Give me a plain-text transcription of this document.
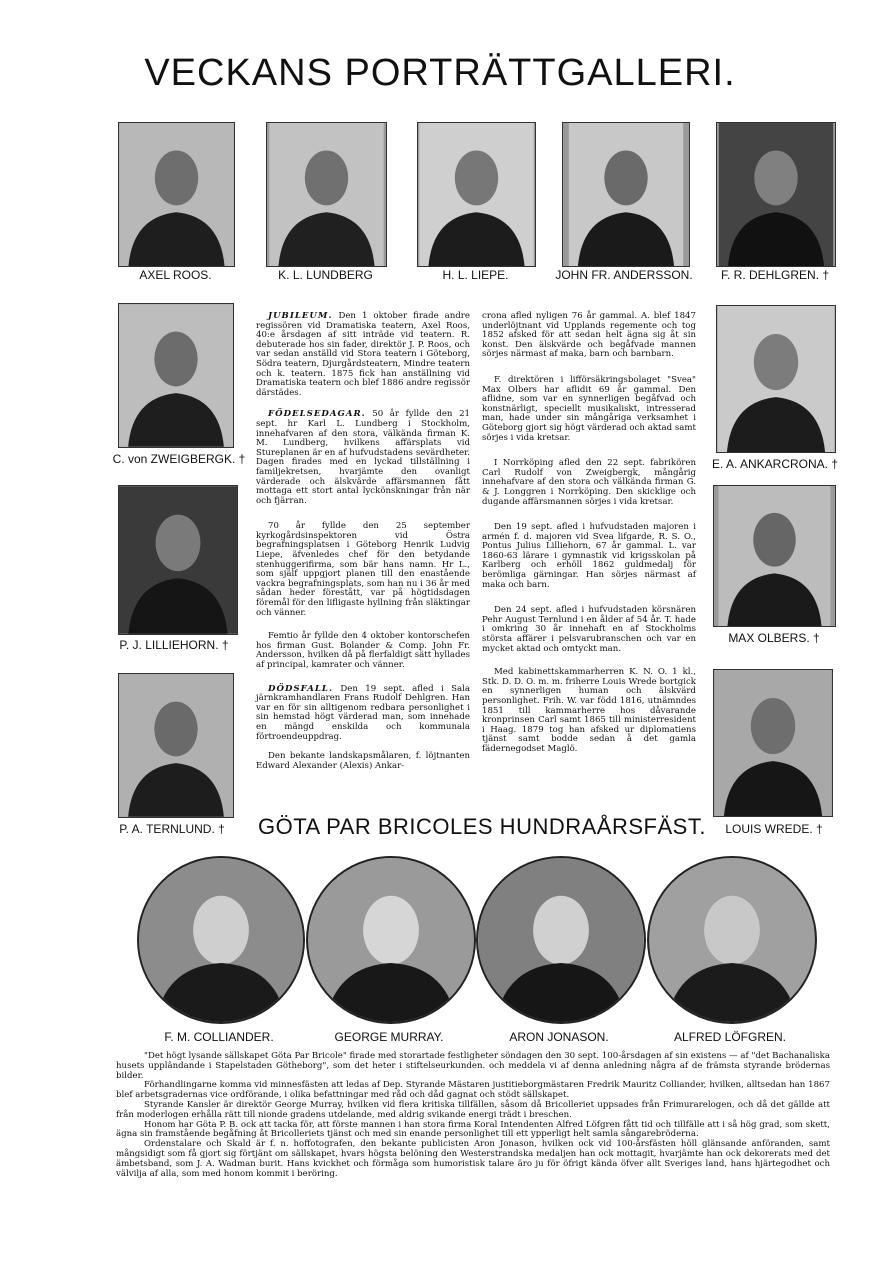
VECKANS PORTRÄTTGALLERI.
AXEL ROOS.	K. L. LUNDBERG	H. L. LIEPE.	JOHN FR. ANDERSSON.	F. R. DEHLGREN. †
C. von ZWEIGBERGK. †
P. J. LILLIEHORN. †
P. A. TERNLUND. †
E. A. ANKARCRONA. †
MAX OLBERS. †
LOUIS WREDE. †

JUBILEUM. Den 1 oktober firade andre regissören vid Dramatiska teatern, Axel Roos, 40:e årsdagen af sitt inträde vid teatern. R. debuterade hos sin fader, direktör J. P. Roos, och var sedan anställd vid Stora teatern i Göteborg, Södra teatern, Djurgårdsteatern, Mindre teatern och k. teatern. 1875 fick han anställning vid Dramatiska teatern och blef 1886 andre regissör därstädes.

FÖDELSEDAGAR. 50 år fyllde den 21 sept. hr Karl L. Lundberg i Stockholm, innehafvaren af den stora, välkända firman K. M. Lundberg, hvilkens affärsplats vid Stureplanen är en af hufvudstadens sevärdheter. Dagen firades med en lyckad tillställning i familjekretsen, hvarjämte den ovanligt värderade och älskvärde affärsmannen fått mottaga ett stort antal lyckönskningar från när och fjärran.

70 år fyllde den 25 september kyrkogårdsinspektoren vid Östra begrafningsplatsen i Göteborg Henrik Ludvig Liepe, äfvenledes chef för den betydande stenhuggerifirma, som bär hans namn. Hr L., som själf uppgjort planen till den enastående vackra begrafningsplats, som han nu i 36 år med sådan heder förestått, var på högtidsdagen föremål för den lifligaste hyllning från släktingar och vänner.

Femtio år fyllde den 4 oktober kontorschefen hos firman Gust. Bolander & Comp. John Fr. Andersson, hvilken då på flerfaldigt sätt hyllades af principal, kamrater och vänner.

DÖDSFALL. Den 19 sept. afled i Sala järnkramhandlaren Frans Rudolf Dehlgren. Han var en för sin alltigenom redbara personlighet i sin hemstad högt värderad man, som innehade en mängd enskilda och kommunala förtroendeuppdrag.

Den bekante landskapsmålaren, f. löjtnanten Edward Alexander (Alexis) Ankar-

crona afled nyligen 76 år gammal. A. blef 1847 underlöjtnant vid Upplands regemente och tog 1852 afsked för att sedan helt ägna sig åt sin konst. Den älskvärde och begåfvade mannen sörjes närmast af maka, barn och barnbarn.

F. direktören i lifförsäkringsbolaget "Svea" Max Olbers har aflidit 69 år gammal. Den aflidne, som var en synnerligen begåfvad och konstnärligt, speciellt musikaliskt, intresserad man, hade under sin mångåriga verksamhet i Göteborg gjort sig högt värderad och aktad samt sörjes i vida kretsar.

I Norrköping afled den 22 sept. fabrikören Carl Rudolf von Zweigbergk, mångårig innehafvare af den stora och välkända firman G. & J. Longgren i Norrköping. Den skicklige och dugande affärsmannen sörjes i vida kretsar.

Den 19 sept. afled i hufvudstaden majoren i armén f. d. majoren vid Svea lifgarde, R. S. O., Pontus Julius Lilliehorn, 67 år gammal. L. var 1860-63 lärare i gymnastik vid krigsskolan på Karlberg och erhöll 1862 guldmedalj för berömliga gärningar. Han sörjes närmast af maka och barn.

Den 24 sept. afled i hufvudstaden körsnären Pehr August Ternlund i en ålder af 54 år. T. hade i omkring 30 år innehaft en af Stockholms största affärer i pelsvarubranschen och var en mycket aktad och omtyckt man.

Med kabinettskammarherren K. N. O. 1 kl., Stk. D. D. O. m. m. friherre Louis Wrede bortgick en synnerligen human och älskvärd personlighet. Frih. W. var född 1816, utnämndes 1851 till kammarherre hos dåvarande kronprinsen Carl samt 1865 till ministerresident i Haag. 1879 tog han afsked ur diplomatiens tjänst samt bodde sedan å det gamla fädernegodset Maglö.

GÖTA PAR BRICOLES HUNDRAÅRSFÄST.
F. M. COLLIANDER.	GEORGE MURRAY.	ARON JONASON.	ALFRED LÖFGREN.

"Det högt lysande sällskapet Göta Par Bricole" firade med storartade festligheter söndagen den 30 sept. 100-årsdagen af sin existens — af "det Bachanaliska husets upplândande i Stapelstaden Götheborg", som det heter i stiftelseurkunden. och meddela vi af denna anledning några af de främsta styrande brödernas bilder.

Förhandlingarne komma vid minnesfästen att ledas af Dep. Styrande Mästaren justitieborgmästaren Fredrik Mauritz Colliander, hvilken, alltsedan han 1867 blef arbetsgradernas vice ordförande, i olika befattningar med råd och dåd gagnat och stödt sällskapet.

Styrande Kansler är direktör George Murray, hvilken vid flera kritiska tillfällen, såsom då Bricolleriet uppsades från Frimurarelogen, och då det gällde att från moderlogen erhålla rätt till nionde gradens utdelande, med aldrig svikande energi trädt i breschen.

Honom har Göta P. B. ock att tacka för, att förste mannen i han stora firma Koral Intendenten Alfred Löfgren fått tid och tillfälle att i så hög grad, som skett, ägna sin framstående begåfning åt Bricolleriets tjänst och med sin enande personlighet till ett ypperligt helt samla sångarebröderna.

Ordenstalare och Skald är f. n. hoffotografen, den bekante publicisten Aron Jonason, hvilken ock vid 100-årsfästen höll glänsande anföranden, samt mångsidigt som få gjort sig förtjänt om sällskapet, hvars högsta belöning den Westerstrandska medaljen han ock mottagit, hvarjämte han ock dekorerats med det ämbetsband, som J. A. Wadman burit. Hans kvickhet och förmåga som humoristisk talare äro ju för öfrigt kända öfver allt Sveriges land, hans hjärtegodhet och välvilja af alla, som med honom kommit i beröring.
